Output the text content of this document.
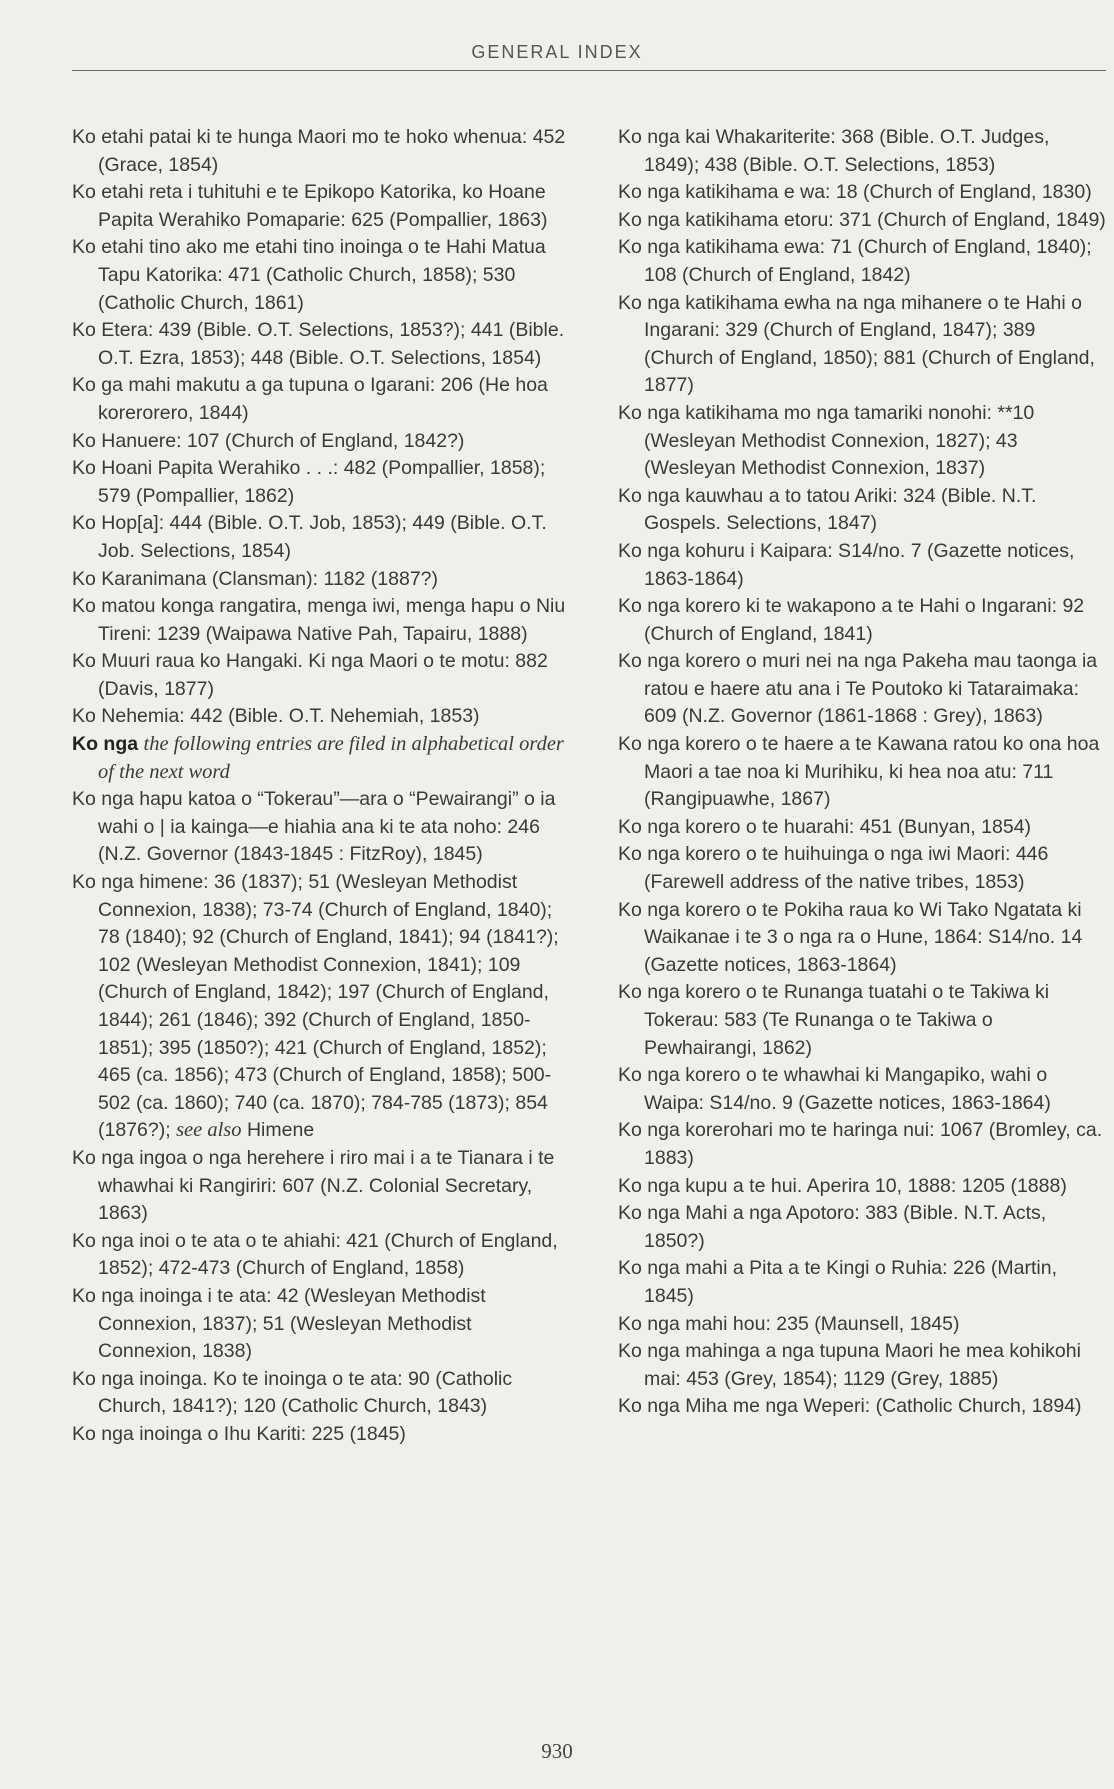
GENERAL INDEX
Ko etahi patai ki te hunga Maori mo te hoko whenua: 452 (Grace, 1854)
Ko etahi reta i tuhituhi e te Epikopo Katorika, ko Hoane Papita Werahiko Pomaparie: 625 (Pompallier, 1863)
Ko etahi tino ako me etahi tino inoinga o te Hahi Matua Tapu Katorika: 471 (Catholic Church, 1858); 530 (Catholic Church, 1861)
Ko Etera: 439 (Bible. O.T. Selections, 1853?); 441 (Bible. O.T. Ezra, 1853); 448 (Bible. O.T. Selections, 1854)
Ko ga mahi makutu a ga tupuna o Igarani: 206 (He hoa korerorero, 1844)
Ko Hanuere: 107 (Church of England, 1842?)
Ko Hoani Papita Werahiko . . .: 482 (Pompallier, 1858); 579 (Pompallier, 1862)
Ko Hop[a]: 444 (Bible. O.T. Job, 1853); 449 (Bible. O.T. Job. Selections, 1854)
Ko Karanimana (Clansman): 1182 (1887?)
Ko matou konga rangatira, menga iwi, menga hapu o Niu Tireni: 1239 (Waipawa Native Pah, Tapairu, 1888)
Ko Muuri raua ko Hangaki. Ki nga Maori o te motu: 882 (Davis, 1877)
Ko Nehemia: 442 (Bible. O.T. Nehemiah, 1853)
Ko nga the following entries are filed in alphabetical order of the next word
Ko nga hapu katoa o “Tokerau”—ara o “Pewairangi” o ia wahi o | ia kainga—e hiahia ana ki te ata noho: 246 (N.Z. Governor (1843-1845 : FitzRoy), 1845)
Ko nga himene: 36 (1837); 51 (Wesleyan Methodist Connexion, 1838); 73-74 (Church of England, 1840); 78 (1840); 92 (Church of England, 1841); 94 (1841?); 102 (Wesleyan Methodist Connexion, 1841); 109 (Church of England, 1842); 197 (Church of England, 1844); 261 (1846); 392 (Church of England, 1850-1851); 395 (1850?); 421 (Church of England, 1852); 465 (ca. 1856); 473 (Church of England, 1858); 500-502 (ca. 1860); 740 (ca. 1870); 784-785 (1873); 854 (1876?); see also Himene
Ko nga ingoa o nga herehere i riro mai i a te Tianara i te whawhai ki Rangiriri: 607 (N.Z. Colonial Secretary, 1863)
Ko nga inoi o te ata o te ahiahi: 421 (Church of England, 1852); 472-473 (Church of England, 1858)
Ko nga inoinga i te ata: 42 (Wesleyan Methodist Connexion, 1837); 51 (Wesleyan Methodist Connexion, 1838)
Ko nga inoinga. Ko te inoinga o te ata: 90 (Catholic Church, 1841?); 120 (Catholic Church, 1843)
Ko nga inoinga o Ihu Kariti: 225 (1845)
Ko nga kai Whakariterite: 368 (Bible. O.T. Judges, 1849); 438 (Bible. O.T. Selections, 1853)
Ko nga katikihama e wa: 18 (Church of England, 1830)
Ko nga katikihama etoru: 371 (Church of England, 1849)
Ko nga katikihama ewa: 71 (Church of England, 1840); 108 (Church of England, 1842)
Ko nga katikihama ewha na nga mihanere o te Hahi o Ingarani: 329 (Church of England, 1847); 389 (Church of England, 1850); 881 (Church of England, 1877)
Ko nga katikihama mo nga tamariki nonohi: **10 (Wesleyan Methodist Connexion, 1827); 43 (Wesleyan Methodist Connexion, 1837)
Ko nga kauwhau a to tatou Ariki: 324 (Bible. N.T. Gospels. Selections, 1847)
Ko nga kohuru i Kaipara: S14/no. 7 (Gazette notices, 1863-1864)
Ko nga korero ki te wakapono a te Hahi o Ingarani: 92 (Church of England, 1841)
Ko nga korero o muri nei na nga Pakeha mau taonga ia ratou e haere atu ana i Te Poutoko ki Tataraimaka: 609 (N.Z. Governor (1861-1868 : Grey), 1863)
Ko nga korero o te haere a te Kawana ratou ko ona hoa Maori a tae noa ki Murihiku, ki hea noa atu: 711 (Rangipuawhe, 1867)
Ko nga korero o te huarahi: 451 (Bunyan, 1854)
Ko nga korero o te huihuinga o nga iwi Maori: 446 (Farewell address of the native tribes, 1853)
Ko nga korero o te Pokiha raua ko Wi Tako Ngatata ki Waikanae i te 3 o nga ra o Hune, 1864: S14/no. 14 (Gazette notices, 1863-1864)
Ko nga korero o te Runanga tuatahi o te Takiwa ki Tokerau: 583 (Te Runanga o te Takiwa o Pewhairangi, 1862)
Ko nga korero o te whawhai ki Mangapiko, wahi o Waipa: S14/no. 9 (Gazette notices, 1863-1864)
Ko nga korerohari mo te haringa nui: 1067 (Bromley, ca. 1883)
Ko nga kupu a te hui. Aperira 10, 1888: 1205 (1888)
Ko nga Mahi a nga Apotoro: 383 (Bible. N.T. Acts, 1850?)
Ko nga mahi a Pita a te Kingi o Ruhia: 226 (Martin, 1845)
Ko nga mahi hou: 235 (Maunsell, 1845)
Ko nga mahinga a nga tupuna Maori he mea kohikohi mai: 453 (Grey, 1854); 1129 (Grey, 1885)
Ko nga Miha me nga Weperi: (Catholic Church, 1894)
930
